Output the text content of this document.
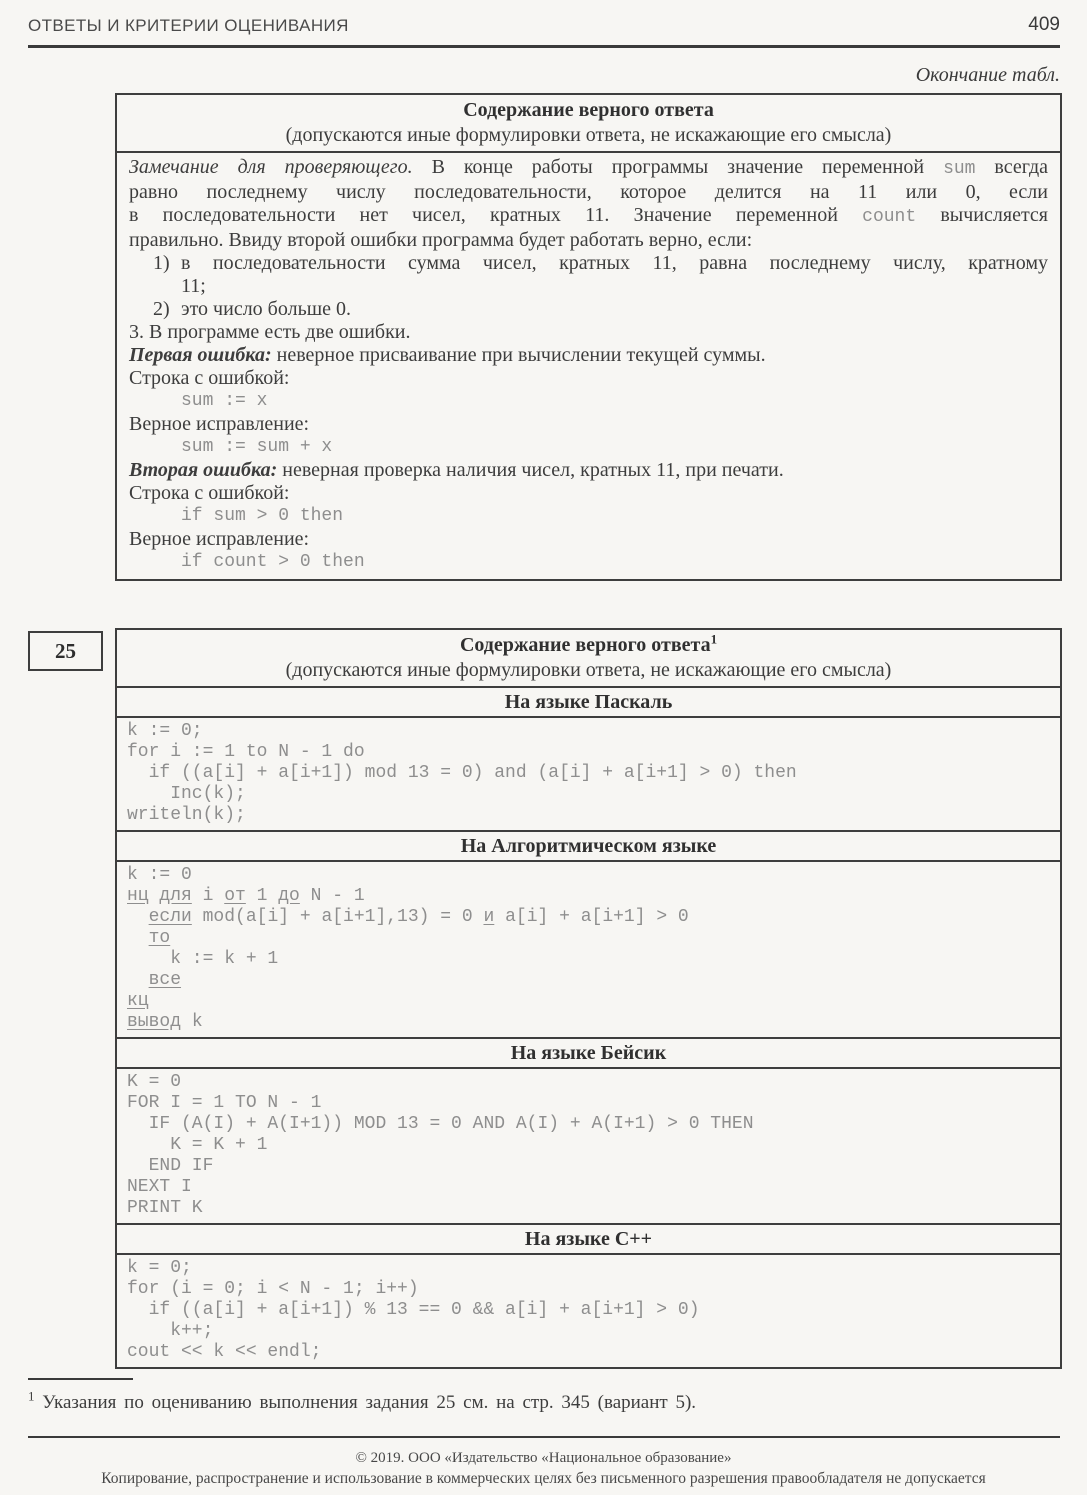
ОТВЕТЫ И КРИТЕРИИ ОЦЕНИВАНИЯ	409
Окончание табл.
Содержание верного ответа
(допускаются иные формулировки ответа, не искажающие его смысла)
Замечание для проверяющего. В конце работы программы значение переменной sum всегда
равно последнему числу последовательности, которое делится на 11 или 0, если
в последовательности нет чисел, кратных 11. Значение переменной count вычисляется
правильно. Ввиду второй ошибки программа будет работать верно, если:
1) в последовательности сумма чисел, кратных 11, равна последнему числу, кратному
11;
2) это число больше 0.
3. В программе есть две ошибки.
Первая ошибка: неверное присваивание при вычислении текущей суммы.
Строка с ошибкой:
sum := x
Верное исправление:
sum := sum + x
Вторая ошибка: неверная проверка наличия чисел, кратных 11, при печати.
Строка с ошибкой:
if sum > 0 then
Верное исправление:
if count > 0 then
25	Содержание верного ответа$^1$
(допускаются иные формулировки ответа, не искажающие его смысла)
На языке Паскаль
k := 0;
for i := 1 to N - 1 do
if ((a[i] + a[i+1]) mod 13 = 0) and (a[i] + a[i+1] > 0) then
Inc(k);
writeln(k);
На Алгоритмическом языке
k := 0
нц для i от 1 до N - 1
если mod(a[i] + a[i+1],13) = 0 и a[i] + a[i+1] > 0
то
k := k + 1
все
кц
вывод k
На языке Бейсик
K = 0
FOR I = 1 TO N - 1
IF (A(I) + A(I+1)) MOD 13 = 0 AND A(I) + A(I+1) > 0 THEN
K = K + 1
END IF
NEXT I
PRINT K
На языке C++
k = 0;
for (i = 0; i < N - 1; i++)
if ((a[i] + a[i+1]) % 13 == 0 && a[i] + a[i+1] > 0)
k++;
cout << k << endl;
$^1$ Указания по оцениванию выполнения задания 25 см. на стр. 345 (вариант 5).
© 2019. ООО «Издательство «Национальное образование»
Копирование, распространение и использование в коммерческих целях без письменного разрешения правообладателя не допускается
